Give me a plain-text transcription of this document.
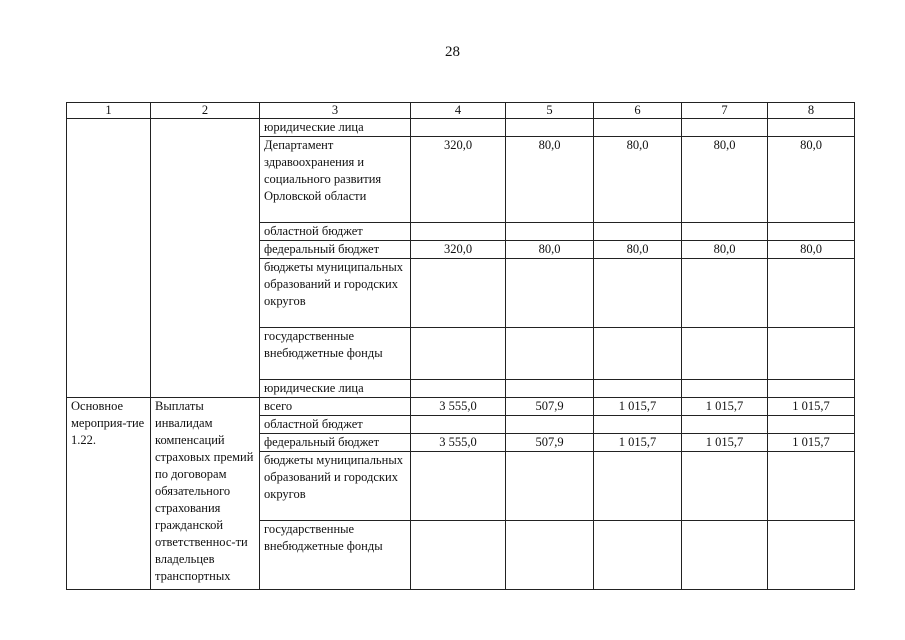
28
1	2	3	4	5	6	7	8
		юридические лица					
		Департамент здравоохранения и социального развития Орловской области	320,0	80,0	80,0	80,0	80,0
		областной бюджет					
		федеральный бюджет	320,0	80,0	80,0	80,0	80,0
		бюджеты муниципальных образований и городских округов					
		государственные внебюджетные фонды					
		юридические лица					
Основное мероприя-тие 1.22.	Выплаты инвалидам компенсаций страховых премий по договорам обязательного страхования гражданской ответственнос-ти владельцев транспортных	всего	3 555,0	507,9	1 015,7	1 015,7	1 015,7
		областной бюджет					
		федеральный бюджет	3 555,0	507,9	1 015,7	1 015,7	1 015,7
		бюджеты муниципальных образований и городских округов					
		государственные внебюджетные фонды					
